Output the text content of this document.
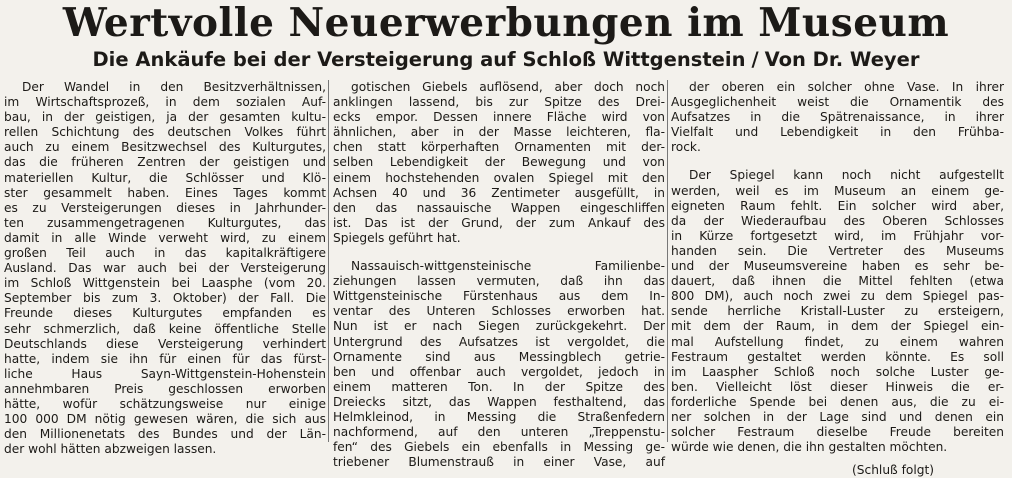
Wertvolle Neuerwerbungen im Museum
Die Ankäufe bei der Versteigerung auf Schloß Wittgenstein / Von Dr. Weyer
Der Wandel in den Besitzverhältnissen,
im Wirtschaftsprozeß, in dem sozialen Auf-
bau, in der geistigen, ja der gesamten kultu-
rellen Schichtung des deutschen Volkes führt
auch zu einem Besitzwechsel des Kulturgutes,
das die früheren Zentren der geistigen und
materiellen Kultur, die Schlösser und Klö-
ster gesammelt haben. Eines Tages kommt
es zu Versteigerungen dieses in Jahrhunder-
ten zusammengetragenen Kulturgutes, das
damit in alle Winde verweht wird, zu einem
großen Teil auch in das kapitalkräftigere
Ausland. Das war auch bei der Versteigerung
im Schloß Wittgenstein bei Laasphe (vom 20.
September bis zum 3. Oktober) der Fall. Die
Freunde dieses Kulturgutes empfanden es
sehr schmerzlich, daß keine öffentliche Stelle
Deutschlands diese Versteigerung verhindert
hatte, indem sie ihn für einen für das fürst-
liche Haus Sayn-Wittgenstein-Hohenstein
annehmbaren Preis geschlossen erworben
hätte, wofür schätzungsweise nur einige
100 000 DM nötig gewesen wären, die sich aus
den Millionenetats des Bundes und der Län-
der wohl hätten abzweigen lassen.
gotischen Giebels auflösend, aber doch noch
anklingen lassend, bis zur Spitze des Drei-
ecks empor. Dessen innere Fläche wird von
ähnlichen, aber in der Masse leichteren, fla-
chen statt körperhaften Ornamenten mit der-
selben Lebendigkeit der Bewegung und von
einem hochstehenden ovalen Spiegel mit den
Achsen 40 und 36 Zentimeter ausgefüllt, in
den das nassauische Wappen eingeschliffen
ist. Das ist der Grund, der zum Ankauf des
Spiegels geführt hat.
Nassauisch-wittgensteinische Familienbe-
ziehungen lassen vermuten, daß ihn das
Wittgensteinische Fürstenhaus aus dem In-
ventar des Unteren Schlosses erworben hat.
Nun ist er nach Siegen zurückgekehrt. Der
Untergrund des Aufsatzes ist vergoldet, die
Ornamente sind aus Messingblech getrie-
ben und offenbar auch vergoldet, jedoch in
einem matteren Ton. In der Spitze des
Dreiecks sitzt, das Wappen festhaltend, das
Helmkleinod, in Messing die Straßenfedern
nachformend, auf den unteren „Treppenstu-
fen“ des Giebels ein ebenfalls in Messing ge-
triebener Blumenstrauß in einer Vase, auf
der oberen ein solcher ohne Vase. In ihrer
Ausgeglichenheit weist die Ornamentik des
Aufsatzes in die Spätrenaissance, in ihrer
Vielfalt und Lebendigkeit in den Frühba-
rock.
Der Spiegel kann noch nicht aufgestellt
werden, weil es im Museum an einem ge-
eigneten Raum fehlt. Ein solcher wird aber,
da der Wiederaufbau des Oberen Schlosses
in Kürze fortgesetzt wird, im Frühjahr vor-
handen sein. Die Vertreter des Museums
und der Museumsvereine haben es sehr be-
dauert, daß ihnen die Mittel fehlten (etwa
800 DM), auch noch zwei zu dem Spiegel pas-
sende herrliche Kristall-Luster zu ersteigern,
mit dem der Raum, in dem der Spiegel ein-
mal Aufstellung findet, zu einem wahren
Festraum gestaltet werden könnte. Es soll
im Laaspher Schloß noch solche Luster ge-
ben. Vielleicht löst dieser Hinweis die er-
forderliche Spende bei denen aus, die zu ei-
ner solchen in der Lage sind und denen ein
solcher Festraum dieselbe Freude bereiten
würde wie denen, die ihn gestalten möchten.
(Schluß folgt)
